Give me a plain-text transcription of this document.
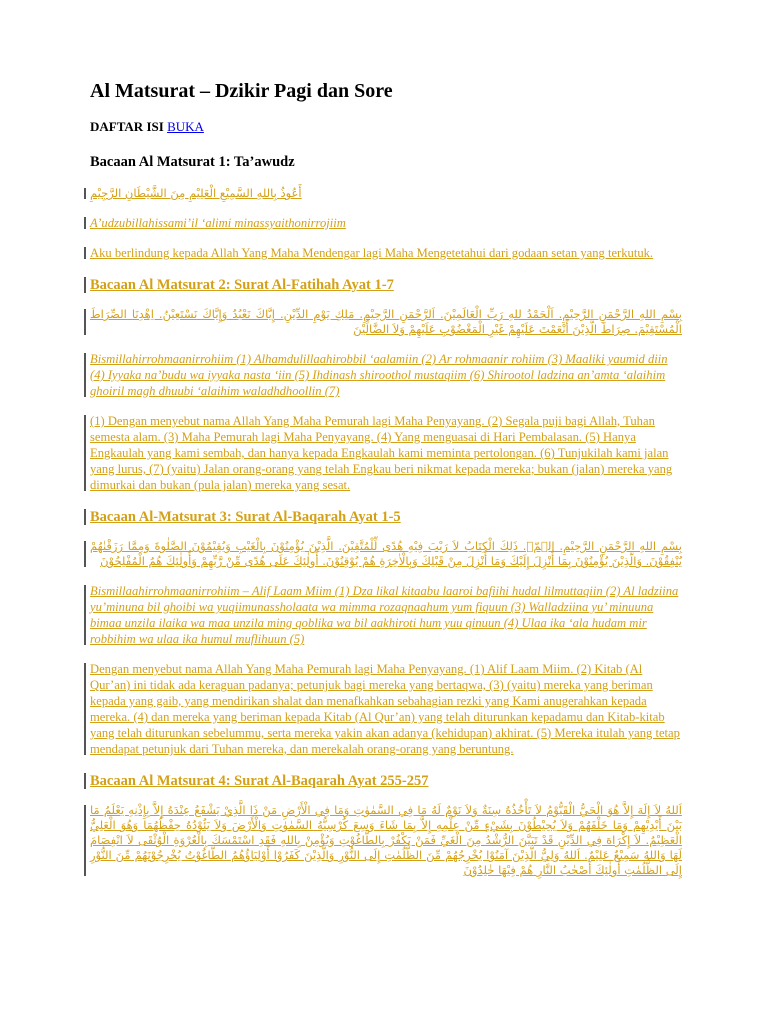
Al Matsurat – Dzikir Pagi dan Sore
DAFTAR ISI BUKA
Bacaan Al Matsurat 1: Ta’awudz
أَعُوذُ بِاللهِ السَّمِيْعِ الْعَلِيْمِ مِنَ الشَّيْطَانِ الرَّجِيْمِ
A’udzubillahissami’il ‘alimi minassyaithonirrojiim
Aku berlindung kepada Allah Yang Maha Mendengar lagi Maha Mengetetahui dari godaan setan yang terkutuk.
Bacaan Al Matsurat 2: Surat Al-Fatihah Ayat 1-7
بِسْمِ اللهِ الرَّحْمَنِ الرَّحِيْمِ. اَلْحَمْدُ للهِ رَبِّ الْعَالَمِيْنَ. اَلرَّحْمَنِ الرَّحِيْمِ. مَلِكِ يَوْمِ الدِّيْنِ. إِيَّاكَ نَعْبُدُ وَإِيَّاكَ نَسْتَعِيْنُ. اِهْدِنَا الصِّرَاطَ الْمُسْتَقِيْمَ. صِرَاطَ الَّذِيْنَ أَنْعَمْتَ عَلَيْهِمْ غَيْرِ الْمَغْضُوْبِ عَلَيْهِمْ وَلاَ الضَّالِّيْنَ
Bismillahirrohmaanirrohiim (1) Alhamdulillaahirobbil ‘aalamiin (2) Ar rohmaanir rohiim (3) Maaliki yaumid diin (4) Iyyaka na’budu wa iyyaka nasta ‘iin (5) Ihdinash shiroothol mustaqiim (6) Shirootol ladzina an’amta ‘alaihim ghoiril magh dhuubi ‘alaihim waladhdhoollin (7)
(1) Dengan menyebut nama Allah Yang Maha Pemurah lagi Maha Penyayang. (2) Segala puji bagi Allah, Tuhan semesta alam. (3) Maha Pemurah lagi Maha Penyayang. (4) Yang menguasai di Hari Pembalasan. (5) Hanya Engkaulah yang kami sembah, dan hanya kepada Engkaulah kami meminta pertolongan. (6) Tunjukilah kami jalan yang lurus, (7) (yaitu) Jalan orang-orang yang telah Engkau beri nikmat kepada mereka; bukan (jalan) mereka yang dimurkai dan bukan (pula jalan) mereka yang sesat.
Bacaan Al-Matsurat 3: Surat Al-Baqarah Ayat 1-5
بِسْمِ اللهِ الرَّحْمَنِ الرَّحِيْمِ. الۤمّۤ. ذَلِكَ الْكِتَابُ لاَ رَيْبَ فِيْهِ هُدًى لِّلْمُتَّقِيْنَ. الَّذِيْنَ يُؤْمِنُوْنَ بِالْغَيْبِ وَيُقِيْمُوْنَ الصَّلٰوةَ وَمِمَّا رَزَقْنٰهُمْ يُنْفِقُوْنَ. وَالَّذِيْنَ يُؤْمِنُوْنَ بِمَا أُنْزِلَ إِلَيْكَ وَمَا أُنْزِلَ مِنْ قَبْلِكَ وَبِالْاٰخِرَةِ هُمْ يُوْقِنُوْنَ. أُولٰئِكَ عَلَى هُدًى مِّنْ رَّبِّهِمْ وَأُولٰئِكَ هُمُ الْمُفْلِحُوْنَ
Bismillaahirrohmaanirrohiim – Alif Laam Miim (1) Dza likal kitaabu laaroi bafiihi hudal lilmuttaqiin (2) Al ladziina yu’minuna bil ghoibi wa yuqiimunassholaata wa mimma rozaqnaahum yum fiquun (3) Walladziina yu’ minuuna bimaa unzila ilaika wa maa unzila ming qoblika wa bil aakhiroti hum yuu qinuun (4) Ulaa ika ‘ala hudam mir robbihim wa ulaa ika humul muflihuun (5)
Dengan menyebut nama Allah Yang Maha Pemurah lagi Maha Penyayang. (1) Alif Laam Miim. (2) Kitab (Al Qur’an) ini tidak ada keraguan padanya; petunjuk bagi mereka yang bertaqwa, (3) (yaitu) mereka yang beriman kepada yang gaib, yang mendirikan shalat dan menafkahkan sebahagian rezki yang Kami anugerahkan kepada mereka. (4) dan mereka yang beriman kepada Kitab (Al Qur’an) yang telah diturunkan kepadamu dan Kitab-kitab yang telah diturunkan sebelummu, serta mereka yakin akan adanya (kehidupan) akhirat. (5) Mereka itulah yang tetap mendapat petunjuk dari Tuhan mereka, dan merekalah orang-orang yang beruntung.
Bacaan Al Matsurat 4: Surat Al-Baqarah Ayat 255-257
اَللهُ لاَ إِلَهَ إِلاَّ هُوَ الْحَيُّ الْقَيُّوْمُ لاَ تَأْخُذُهُ سِنَةٌ وَلاَ نَوْمٌ لَهُ مَا فِي السَّمٰوٰتِ وَمَا فِي الْأَرْضِ مَنْ ذَا الَّذِيْ يَشْفَعُ عِنْدَهُ إِلاَّ بِإِذْنِهِ يَعْلَمُ مَا بَيْنَ أَيْدِيْهِمْ وَمَا خَلْفَهُمْ وَلاَ يُحِيْطُوْنَ بِشَيْءٍ مِّنْ عِلْمِهِ إِلاَّ بِمَا شَاءَ وَسِعَ كُرْسِيُّهُ السَّمٰوٰتِ وَالْأَرْضَ وَلاَ يَئُوْدُهُ حِفْظُهُمَا وَهُوَ الْعَلِيُّ الْعَظِيْمُ. لاَ إِكْرَاهَ فِي الدِّيْنِ قَدْ تَبَيَّنَ الرُّشْدُ مِنَ الْغَيِّ فَمَنْ يَكْفُرْ بِالطَّاغُوْتِ وَيُؤْمِنْ بِاللهِ فَقَدِ اسْتَمْسَكَ بِالْعُرْوَةِ الْوُثْقَى لاَ انْفِصَامَ لَهَا وَاللهُ سَمِيْعٌ عَلِيْمٌ. اَللهُ وَلِيُّ الَّذِيْنَ آمَنُوْا يُخْرِجُهُمْ مِّنَ الظُّلُمٰتِ إِلَى النُّوْرِ وَالَّذِيْنَ كَفَرُوْا أَوْلِيَاؤُهُمُ الطَّاغُوْتُ يُخْرِجُوْنَهُمْ مِّنَ النُّوْرِ إِلَى الظُّلُمٰتِ أُولٰئِكَ أَصْحٰبُ النَّارِ هُمْ فِيْهَا خٰلِدُوْنَ
